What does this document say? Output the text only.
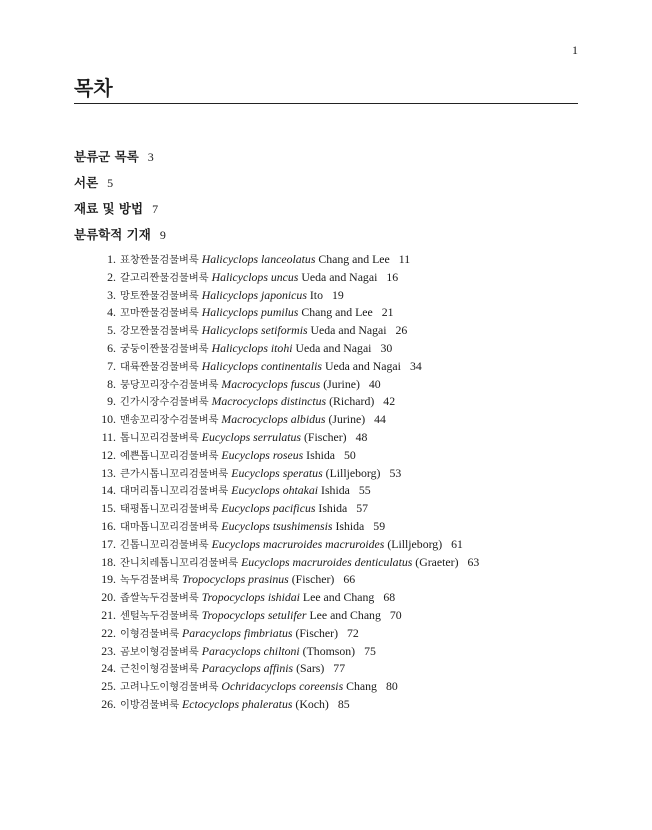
1
목차
분류군 목록 3
서론 5
재료 및 방법 7
분류학적 기재 9
1. 표창짠물검물벼룩 Halicyclops lanceolatus Chang and Lee 11
2. 갈고리짠물검물벼룩 Halicyclops uncus Ueda and Nagai 16
3. 망토짠물검물벼룩 Halicyclops japonicus Ito 19
4. 꼬마짠물검물벼룩 Halicyclops pumilus Chang and Lee 21
5. 강모짠물검물벼룩 Halicyclops setiformis Ueda and Nagai 26
6. 궁둥이짠물검물벼룩 Halicyclops itohi Ueda and Nagai 30
7. 대륙짠물검물벼룩 Halicyclops continentalis Ueda and Nagai 34
8. 뭉당꼬리장수검물벼룩 Macrocyclops fuscus (Jurine) 40
9. 긴가시장수검물벼룩 Macrocyclops distinctus (Richard) 42
10. 맨송꼬리장수검물벼룩 Macrocyclops albidus (Jurine) 44
11. 톱니꼬리검물벼룩 Eucyclops serrulatus (Fischer) 48
12. 예쁜톱니꼬리검물벼룩 Eucyclops roseus Ishida 50
13. 큰가시톱니꼬리검물벼룩 Eucyclops speratus (Lilljeborg) 53
14. 대머리톱니꼬리검물벼룩 Eucyclops ohtakai Ishida 55
15. 태평톱니꼬리검물벼룩 Eucyclops pacificus Ishida 57
16. 대마톱니꼬리검물벼룩 Eucyclops tsushimensis Ishida 59
17. 긴톱니꼬리검물벼룩 Eucyclops macruroides macruroides (Lilljeborg) 61
18. 잔니치레톱니꼬리검물벼룩 Eucyclops macruroides denticulatus (Graeter) 63
19. 녹두검물벼룩 Tropocyclops prasinus (Fischer) 66
20. 좁쌀녹두검물벼룩 Tropocyclops ishidai Lee and Chang 68
21. 센털녹두검물벼룩 Tropocyclops setulifer Lee and Chang 70
22. 이형검물벼룩 Paracyclops fimbriatus (Fischer) 72
23. 곰보이형검물벼룩 Paracyclops chiltoni (Thomson) 75
24. 근친이형검물벼룩 Paracyclops affinis (Sars) 77
25. 고려나도이형검물벼룩 Ochridacyclops coreensis Chang 80
26. 이방검물벼룩 Ectocyclops phaleratus (Koch) 85
